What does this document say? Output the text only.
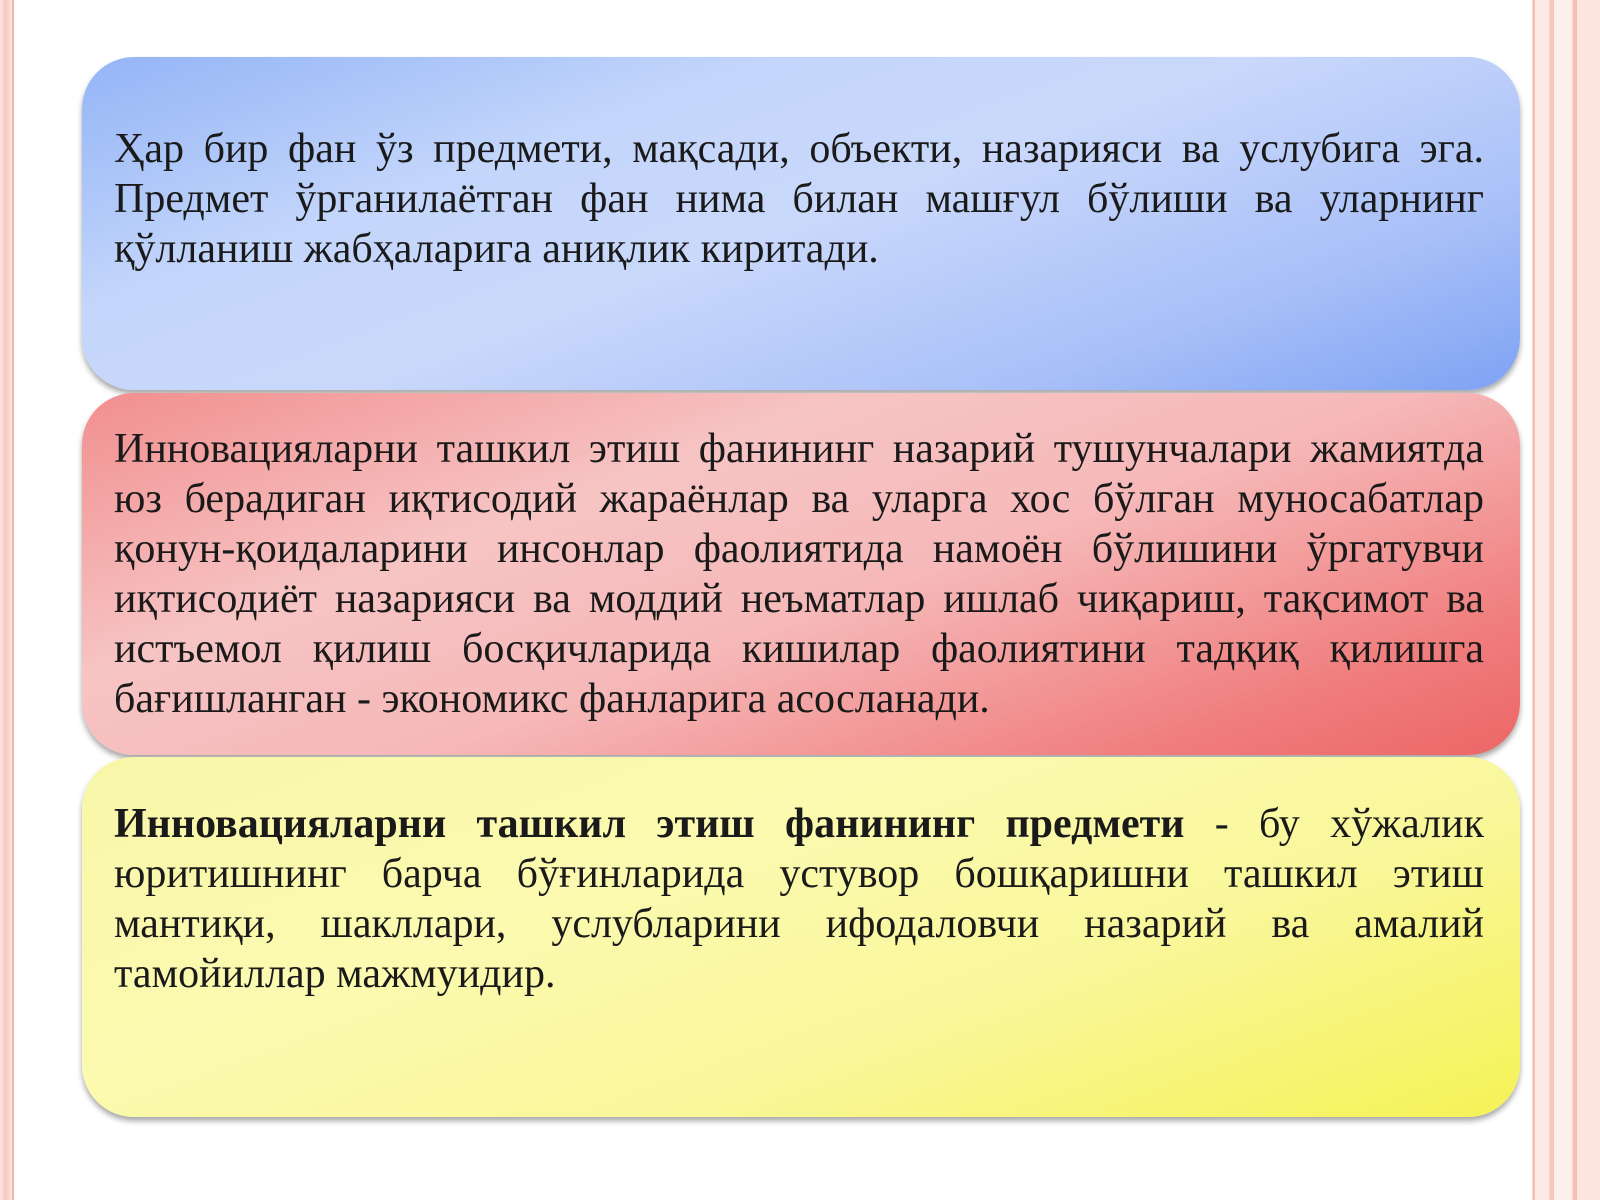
Ҳар бир фан ўз предмети, мақсади, объекти, назарияси ва услубига эга. Предмет ўрганилаётган фан нима билан машғул бўлиши ва уларнинг қўлланиш жабҳаларига аниқлик киритади.

Инновацияларни ташкил этиш фанининг назарий тушунчалари жамиятда юз берадиган иқтисодий жараёнлар ва уларга хос бўлган муносабатлар қонун-қоидаларини инсонлар фаолиятида намоён бўлишини ўргатувчи иқтисодиёт назарияси ва моддий неъматлар ишлаб чиқариш, тақсимот ва истъемол қилиш босқичларида кишилар фаолиятини тадқиқ қилишга бағишланган - экономикс фанларига асосланади.

Инновацияларни ташкил этиш фанининг предмети - бу хўжалик юритишнинг барча бўғинларида устувор бошқаришни ташкил этиш мантиқи, шакллари, услубларини ифодаловчи назарий ва амалий тамойиллар мажмуидир.
